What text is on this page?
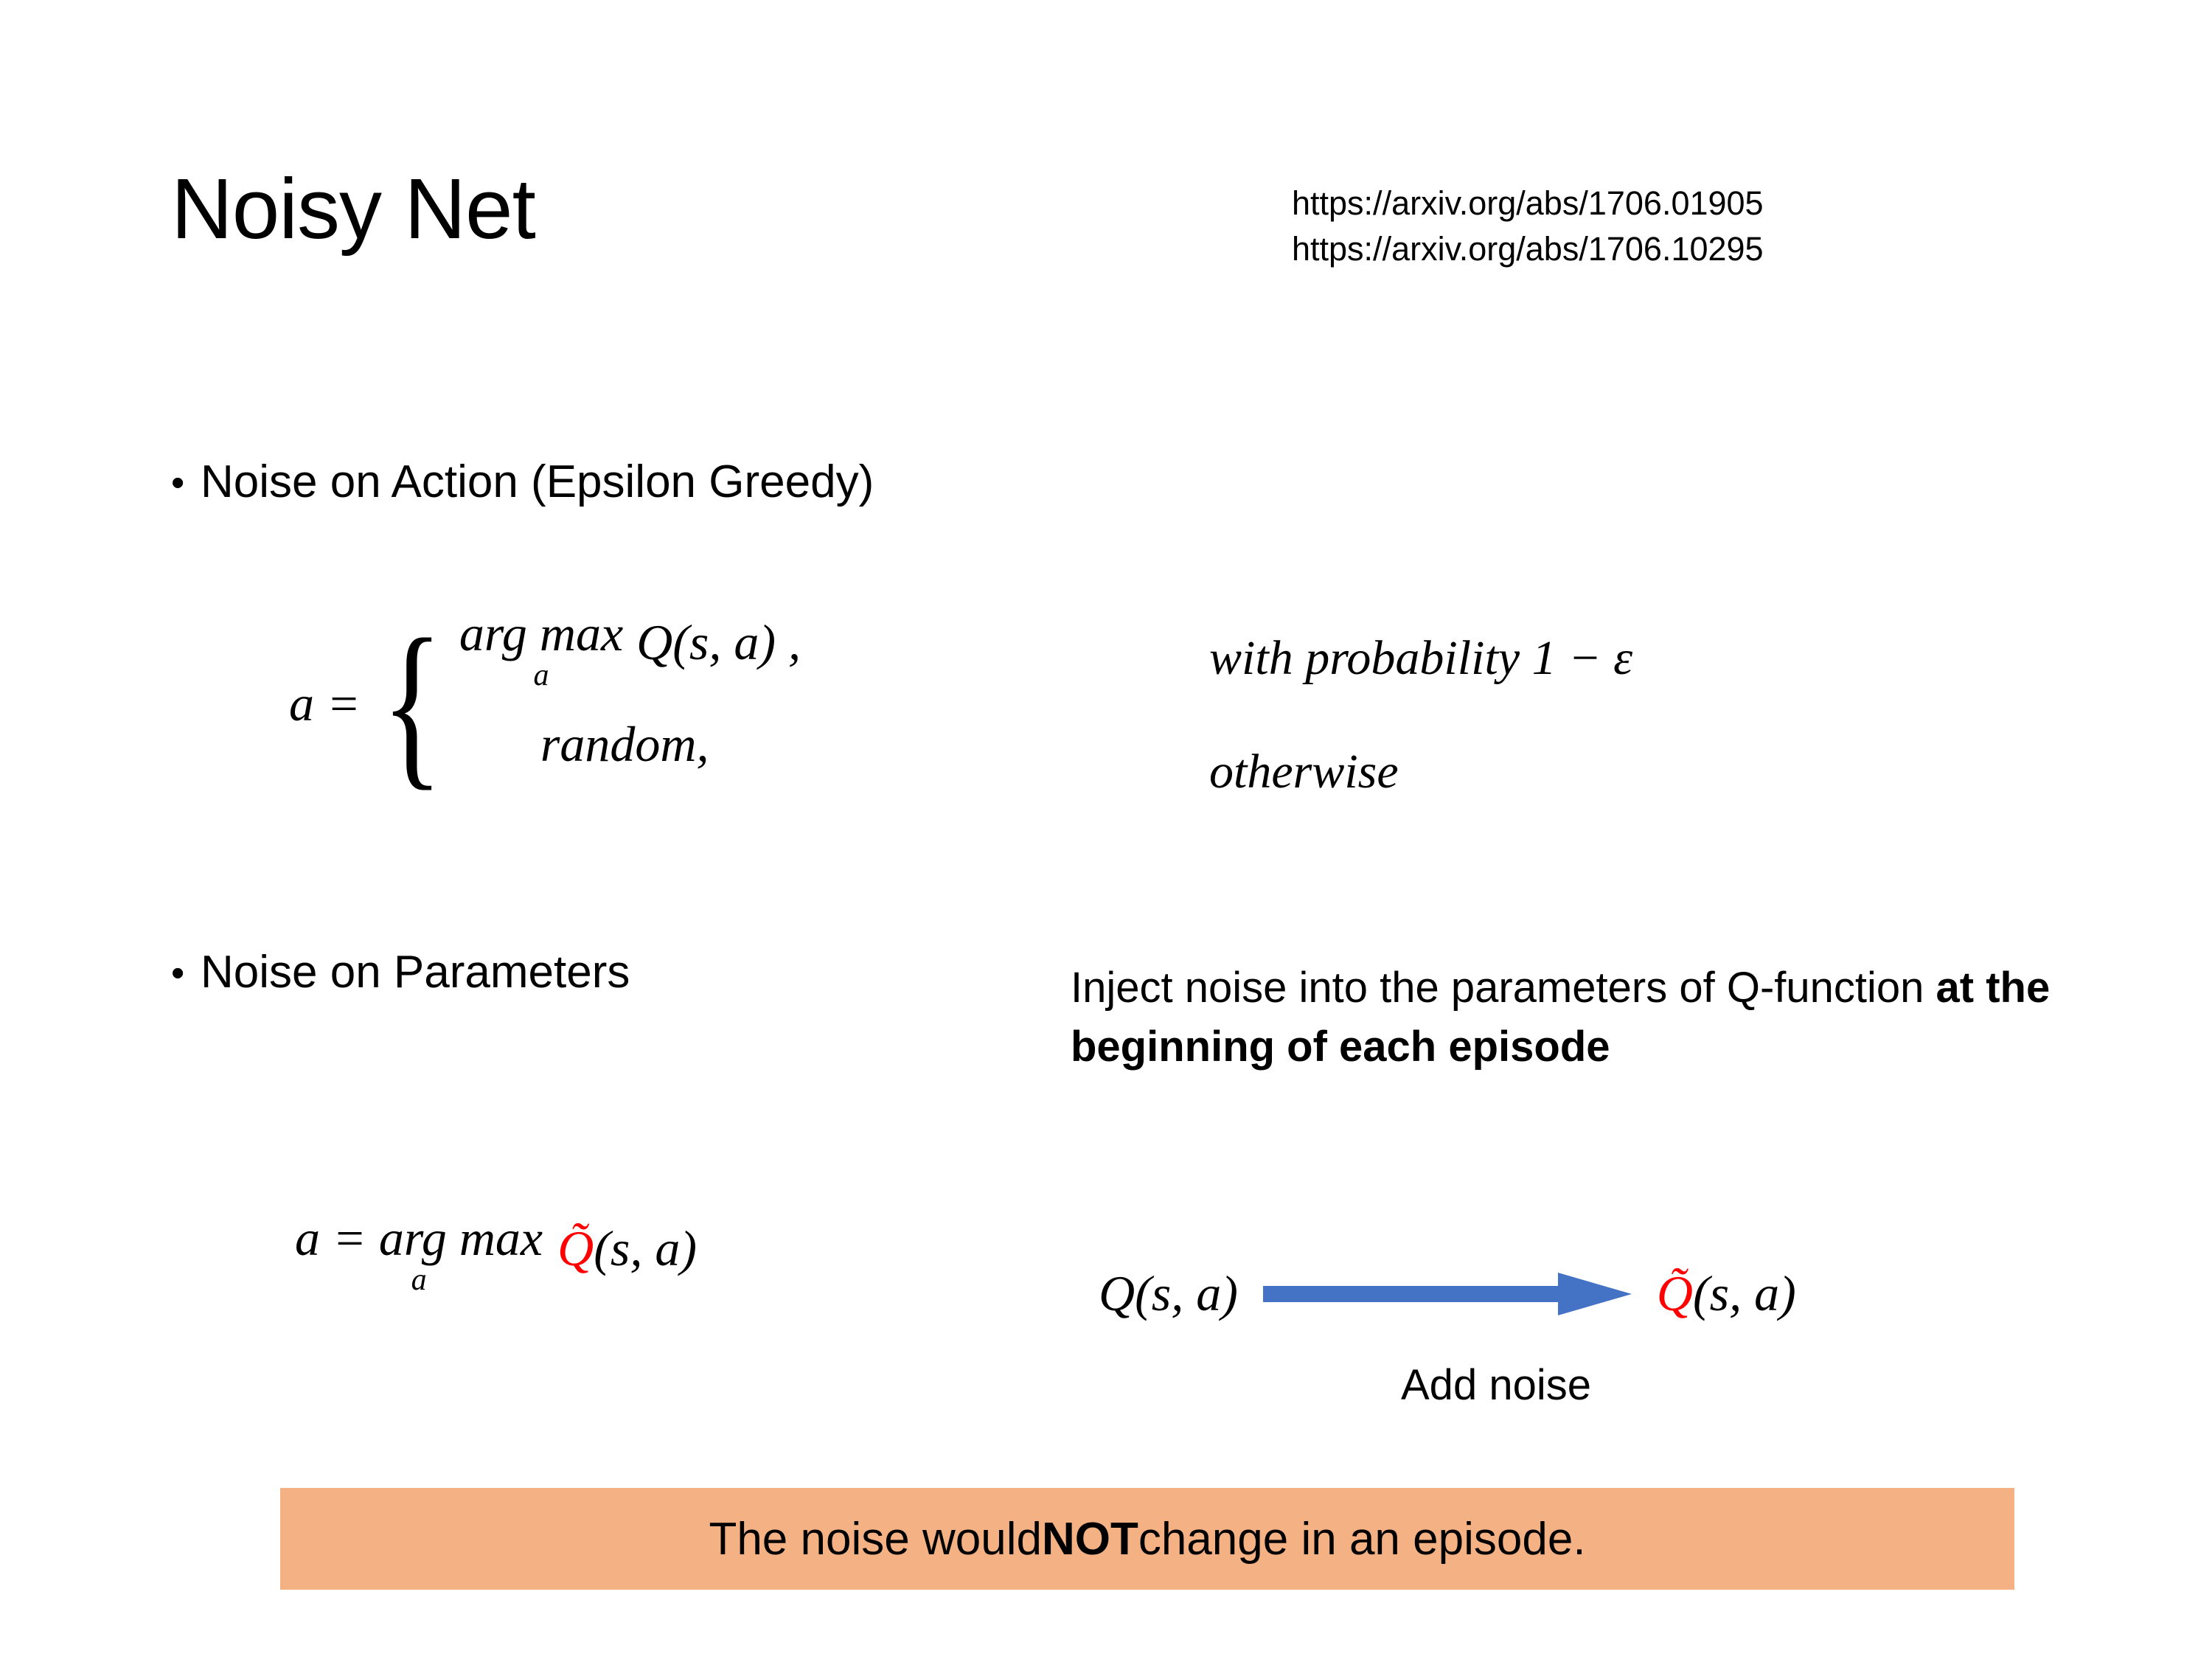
Noisy Net	https://arxiv.org/abs/1706.01905
https://arxiv.org/abs/1706.10295
• Noise on Action (Epsilon Greedy)
a = { arg max
a
Q(s, a) ,
random,
with probability 1 − ε
otherwise
• Noise on Parameters	Inject noise into the parameters of Q-function at the beginning of each episode
a = arg max
a
Q̃ (s, a)
Q(s, a)	Q̃(s, a)
Add noise
The noise would NOT change in an episode.
